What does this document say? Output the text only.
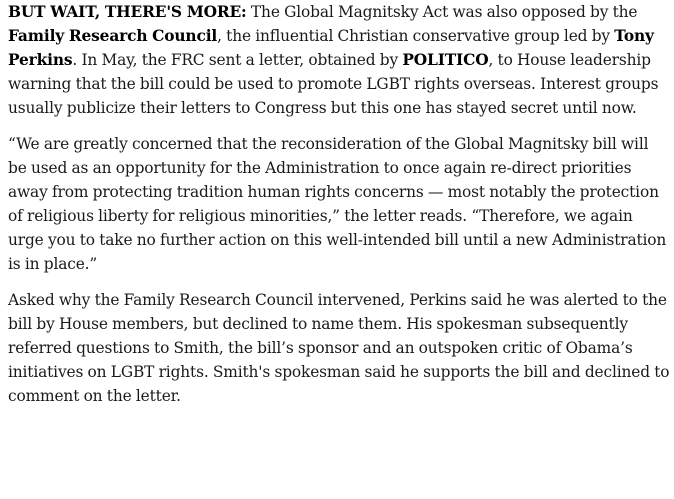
BUT WAIT, THERE'S MORE: The Global Magnitsky Act was also opposed by the Family Research Council, the influential Christian conservative group led by Tony Perkins. In May, the FRC sent a letter, obtained by POLITICO, to House leadership warning that the bill could be used to promote LGBT rights overseas. Interest groups usually publicize their letters to Congress but this one has stayed secret until now.

“We are greatly concerned that the reconsideration of the Global Magnitsky bill will be used as an opportunity for the Administration to once again re-direct priorities away from protecting tradition human rights concerns — most notably the protection of religious liberty for religious minorities,” the letter reads. “Therefore, we again urge you to take no further action on this well-intended bill until a new Administration is in place.”

Asked why the Family Research Council intervened, Perkins said he was alerted to the bill by House members, but declined to name them. His spokesman subsequently referred questions to Smith, the bill’s sponsor and an outspoken critic of Obama’s initiatives on LGBT rights. Smith's spokesman said he supports the bill and declined to comment on the letter.
